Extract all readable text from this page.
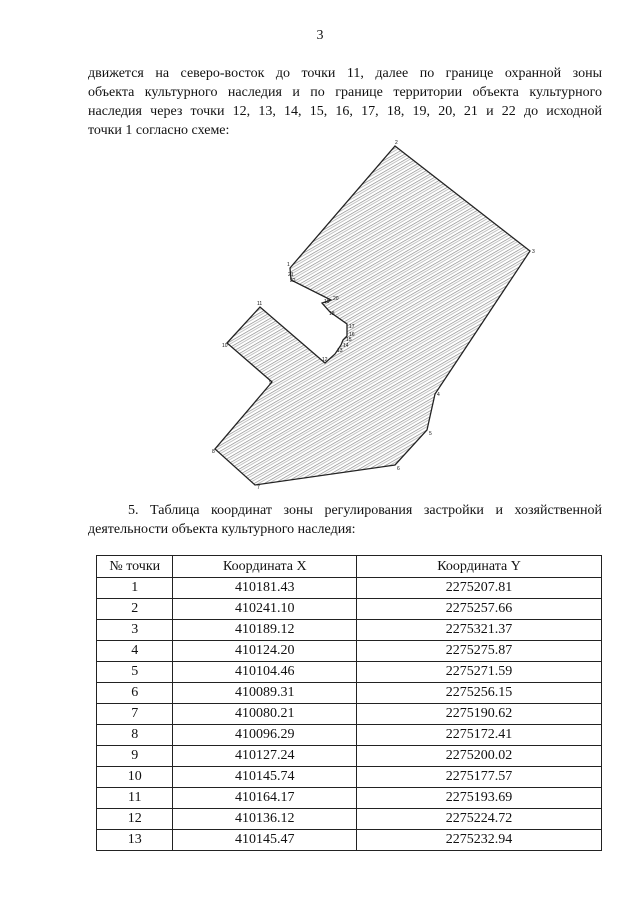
3
движется на северо-восток до точки 11, далее по границе охранной зоны
объекта культурного наследия и по границе территории объекта культурного
наследия через точки 12, 13, 14, 15, 16, 17, 18, 19, 20, 21 и 22 до исходной
точки 1 согласно схеме:
1
2
3
4
5
6
7
8
9
10
11
12
13
14
15
16
17
18
19 20
21
22
5. Таблица координат зоны регулирования застройки и хозяйственной
деятельности объекта культурного наследия:
№ точки	Координата X	Координата Y
1	410181.43	2275207.81
2	410241.10	2275257.66
3	410189.12	2275321.37
4	410124.20	2275275.87
5	410104.46	2275271.59
6	410089.31	2275256.15
7	410080.21	2275190.62
8	410096.29	2275172.41
9	410127.24	2275200.02
10	410145.74	2275177.57
11	410164.17	2275193.69
12	410136.12	2275224.72
13	410145.47	2275232.94
